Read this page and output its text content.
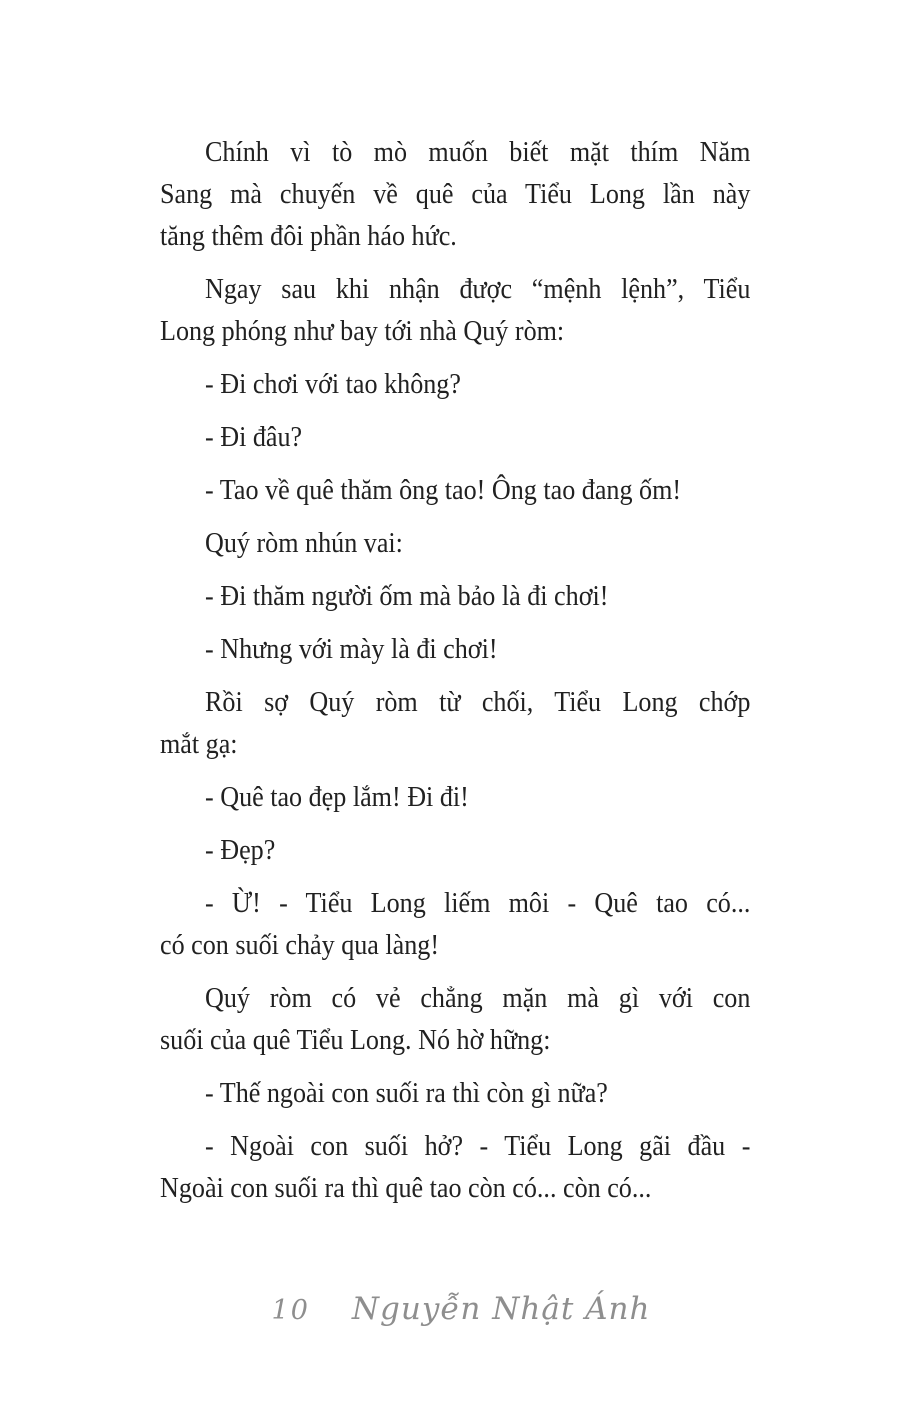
Chính vì tò mò muốn biết mặt thím Năm
Sang mà chuyến về quê của Tiểu Long lần này
tăng thêm đôi phần háo hức.

Ngay sau khi nhận được “mệnh lệnh”, Tiểu
Long phóng như bay tới nhà Quý ròm:

- Đi chơi với tao không?

- Đi đâu?

- Tao về quê thăm ông tao! Ông tao đang ốm!

Quý ròm nhún vai:

- Đi thăm người ốm mà bảo là đi chơi!

- Nhưng với mày là đi chơi!

Rồi sợ Quý ròm từ chối, Tiểu Long chớp
mắt gạ:

- Quê tao đẹp lắm! Đi đi!

- Đẹp?

- Ừ! - Tiểu Long liếm môi - Quê tao có...
có con suối chảy qua làng!

Quý ròm có vẻ chẳng mặn mà gì với con
suối của quê Tiểu Long. Nó hờ hững:

- Thế ngoài con suối ra thì còn gì nữa?

- Ngoài con suối hở? - Tiểu Long gãi đầu -
Ngoài con suối ra thì quê tao còn có... còn có...

10 Nguyễn Nhật Ánh
